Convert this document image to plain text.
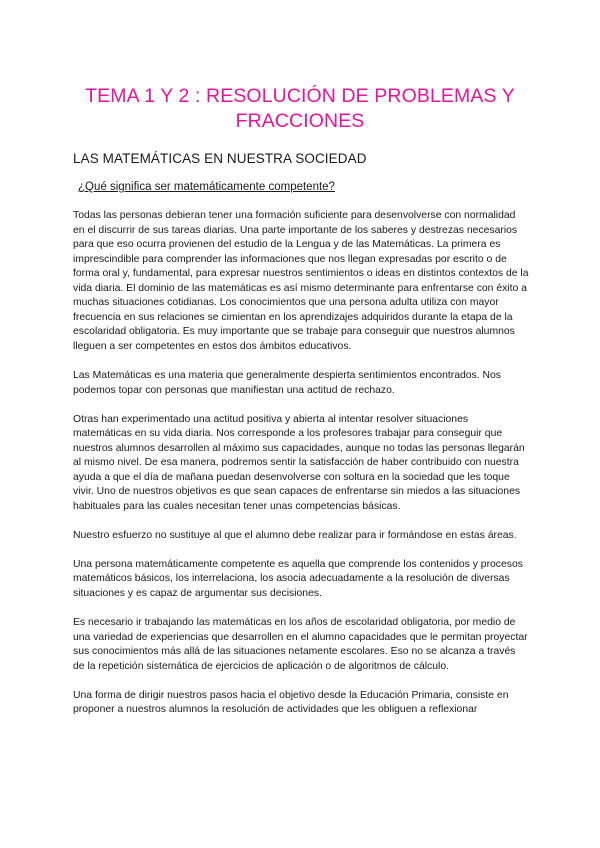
TEMA 1 Y 2 : RESOLUCIÓN DE PROBLEMAS Y FRACCIONES
LAS MATEMÁTICAS EN NUESTRA SOCIEDAD

¿Qué significa ser matemáticamente competente?

Todas las personas debieran tener una formación suficiente para desenvolverse con normalidad en el discurrir de sus tareas diarias. Una parte importante de los saberes y destrezas necesarios para que eso ocurra provienen del estudio de la Lengua y de las Matemáticas. La primera es imprescindible para comprender las informaciones que nos llegan expresadas por escrito o de forma oral y, fundamental, para expresar nuestros sentimientos o ideas en distintos contextos de la vida diaria. El dominio de las matemáticas es así mismo determinante para enfrentarse con éxito a muchas situaciones cotidianas. Los conocimientos que una persona adulta utiliza con mayor frecuencia en sus relaciones se cimientan en los aprendizajes adquiridos durante la etapa de la escolaridad obligatoria. Es muy importante que se trabaje para conseguir que nuestros alumnos lleguen a ser competentes en estos dos ámbitos educativos.

Las Matemáticas es una materia que generalmente despierta sentimientos encontrados. Nos podemos topar con personas que manifiestan una actitud de rechazo.

Otras han experimentado una actitud positiva y abierta al intentar resolver situaciones matemáticas en su vida diaria. Nos corresponde a los profesores trabajar para conseguir que nuestros alumnos desarrollen al máximo sus capacidades, aunque no todas las personas llegarán al mismo nivel. De esa manera, podremos sentir la satisfacción de haber contribuido con nuestra ayuda a que el día de mañana puedan desenvolverse con soltura en la sociedad que les toque vivir. Uno de nuestros objetivos es que sean capaces de enfrentarse sin miedos a las situaciones habituales para las cuales necesitan tener unas competencias básicas.

Nuestro esfuerzo no sustituye al que el alumno debe realizar para ir formándose en estas áreas.

Una persona matemáticamente competente es aquella que comprende los contenidos y procesos matemáticos básicos, los interrelaciona, los asocia adecuadamente a la resolución de diversas situaciones y es capaz de argumentar sus decisiones.

Es necesario ir trabajando las matemáticas en los años de escolaridad obligatoria, por medio de una variedad de experiencias que desarrollen en el alumno capacidades que le permitan proyectar sus conocimientos más allá de las situaciones netamente escolares. Eso no se alcanza a través de la repetición sistemática de ejercicios de aplicación o de algoritmos de cálculo.

Una forma de dirigir nuestros pasos hacia el objetivo desde la Educación Primaria, consiste en proponer a nuestros alumnos la resolución de actividades que les obliguen a reflexionar
